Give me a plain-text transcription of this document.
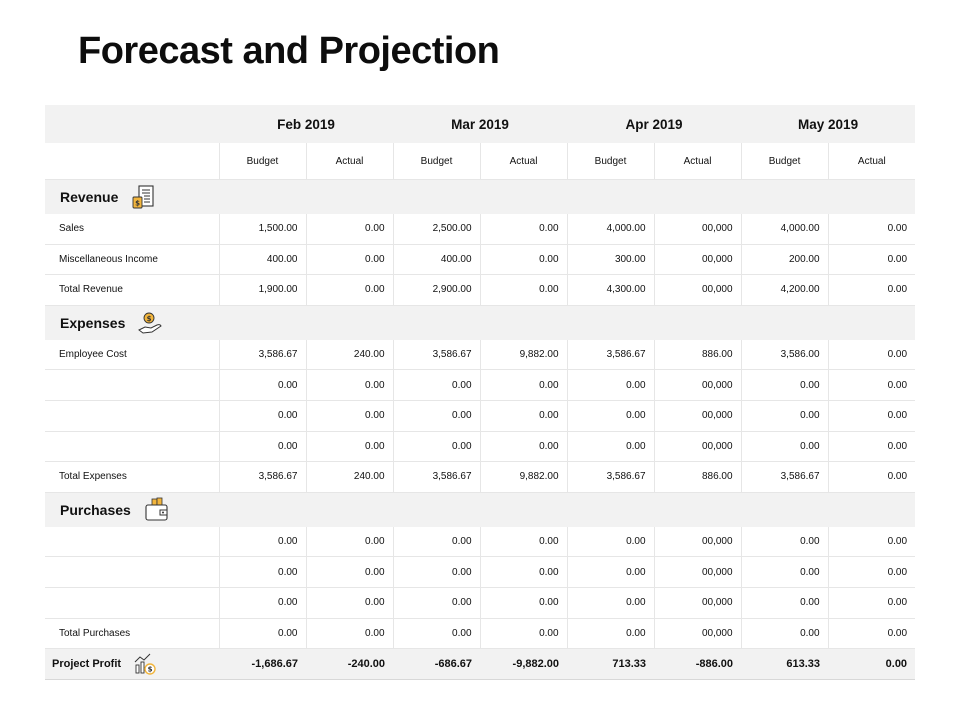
Forecast and Projection
	Feb 2019		Mar 2019		Apr 2019		May 2019	
	Budget	Actual	Budget	Actual	Budget	Actual	Budget	Actual

Revenue $								

Sales	1,500.00	0.00	2,500.00	0.00	4,000.00	00,000	4,000.00	0.00
Miscellaneous Income	400.00	0.00	400.00	0.00	300.00	00,000	200.00	0.00
Total Revenue	1,900.00	0.00	2,900.00	0.00	4,300.00	00,000	4,200.00	0.00

Expenses $								

Employee Cost	3,586.67	240.00	3,586.67	9,882.00	3,586.67	886.00	3,586.00	0.00
	0.00	0.00	0.00	0.00	0.00	00,000	0.00	0.00
	0.00	0.00	0.00	0.00	0.00	00,000	0.00	0.00
	0.00	0.00	0.00	0.00	0.00	00,000	0.00	0.00
Total Expenses	3,586.67	240.00	3,586.67	9,882.00	3,586.67	886.00	3,586.67	0.00

Purchases								

	0.00	0.00	0.00	0.00	0.00	00,000	0.00	0.00
	0.00	0.00	0.00	0.00	0.00	00,000	0.00	0.00
	0.00	0.00	0.00	0.00	0.00	00,000	0.00	0.00
Total Purchases	0.00	0.00	0.00	0.00	0.00	00,000	0.00	0.00

Project Profit $	-1,686.67	-240.00	-686.67	-9,882.00	713.33	-886.00	613.33	0.00
